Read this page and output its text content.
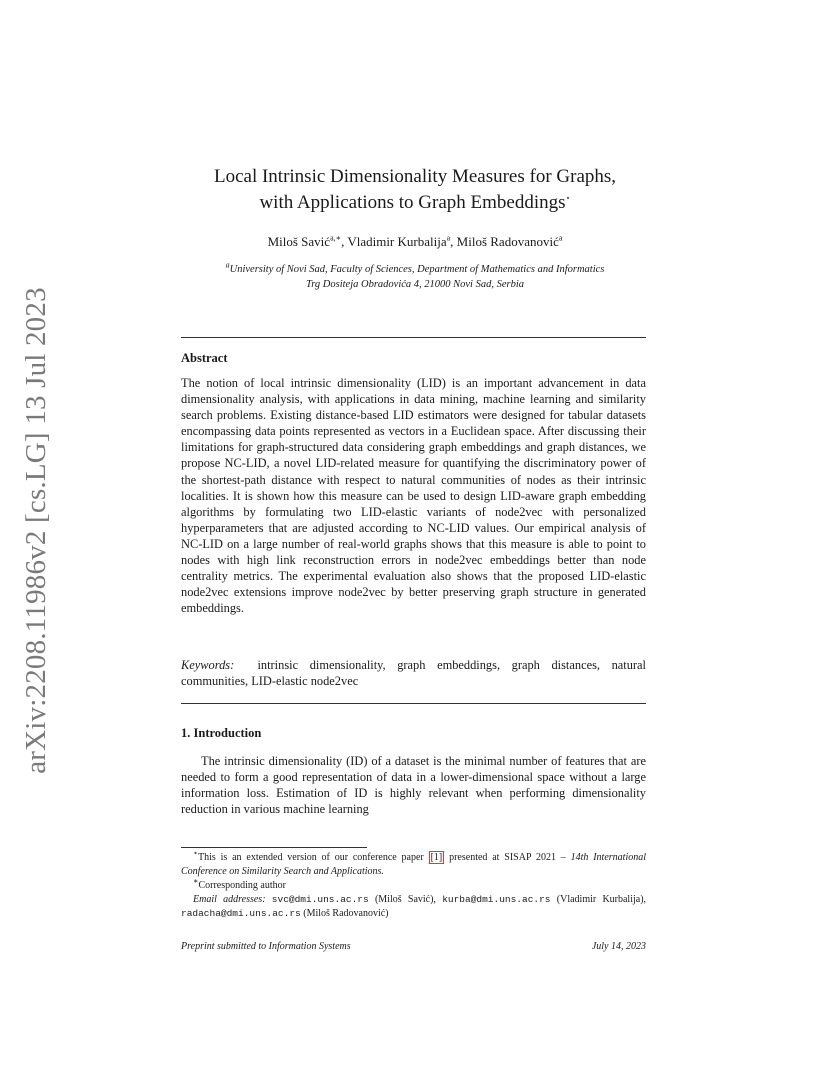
arXiv:2208.11986v2 [cs.LG] 13 Jul 2023
Local Intrinsic Dimensionality Measures for Graphs,
with Applications to Graph Embeddings⋆
Miloš Savić$^{a,∗}$, Vladimir Kurbalija$^a$, Miloš Radovanović$^a$
$^a$University of Novi Sad, Faculty of Sciences, Department of Mathematics and Informatics
Trg Dositeja Obradovića 4, 21000 Novi Sad, Serbia
Abstract
The notion of local intrinsic dimensionality (LID) is an important advancement in data dimensionality analysis, with applications in data mining, machine learning and similarity search problems. Existing distance-based LID estimators were designed for tabular datasets encompassing data points represented as vectors in a Euclidean space. After discussing their limitations for graph-structured data considering graph embeddings and graph distances, we propose NC-LID, a novel LID-related measure for quantifying the discriminatory power of the shortest-path distance with respect to natural communities of nodes as their intrinsic localities. It is shown how this measure can be used to design LID-aware graph embedding algorithms by formulating two LID-elastic variants of node2vec with personalized hyperparameters that are adjusted according to NC-LID values. Our empirical analysis of NC-LID on a large number of real-world graphs shows that this measure is able to point to nodes with high link reconstruction errors in node2vec embeddings better than node centrality metrics. The experimental evaluation also shows that the proposed LID-elastic node2vec extensions improve node2vec by better preserving graph structure in generated embeddings.
Keywords: intrinsic dimensionality, graph embeddings, graph distances, natural communities, LID-elastic node2vec
1. Introduction
The intrinsic dimensionality (ID) of a dataset is the minimal number of features that are needed to form a good representation of data in a lower-dimensional space without a large information loss. Estimation of ID is highly relevant when performing dimensionality reduction in various machine learning
⋆This is an extended version of our conference paper [1] presented at SISAP 2021 – 14th International Conference on Similarity Search and Applications.
∗Corresponding author
Email addresses: svc@dmi.uns.ac.rs (Miloš Savić), kurba@dmi.uns.ac.rs (Vladimir Kurbalija), radacha@dmi.uns.ac.rs (Miloš Radovanović)
Preprint submitted to Information Systems	July 14, 2023
